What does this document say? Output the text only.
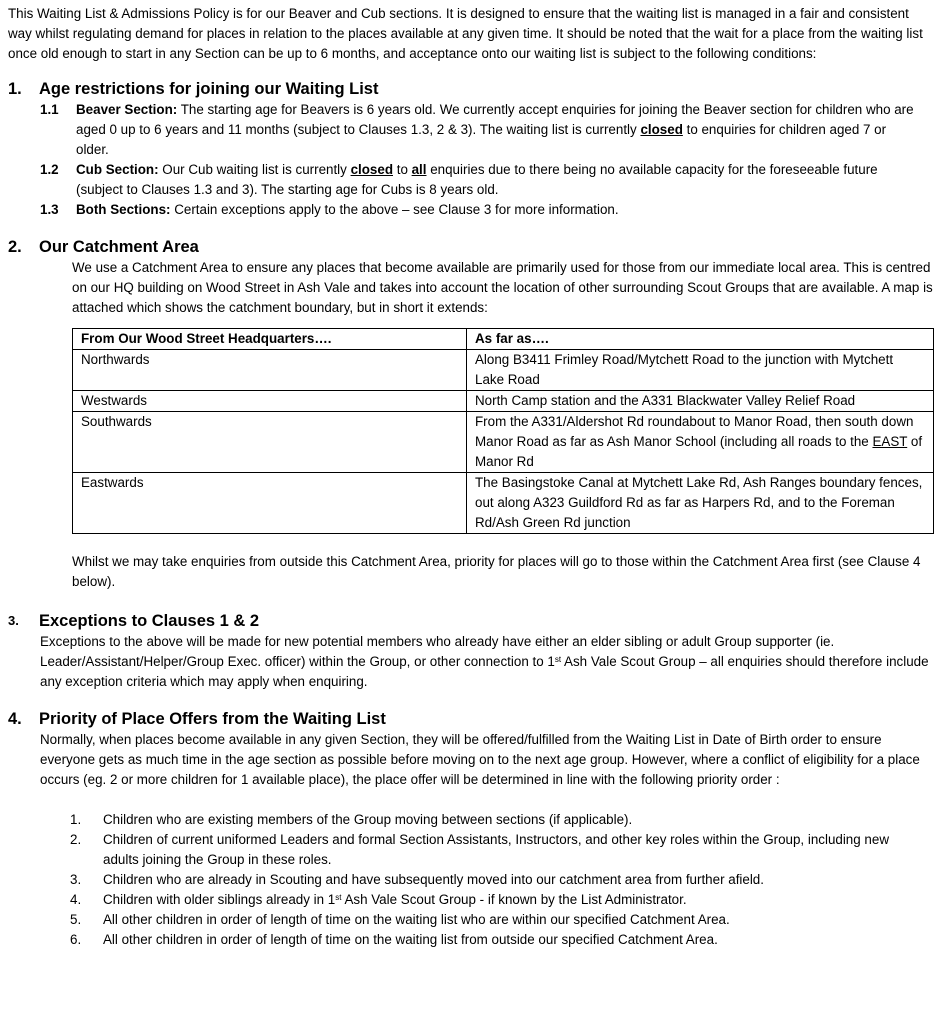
This Waiting List & Admissions Policy is for our Beaver and Cub sections. It is designed to ensure that the waiting list is managed in a fair and consistent way whilst regulating demand for places in relation to the places available at any given time. It should be noted that the wait for a place from the waiting list once old enough to start in any Section can be up to 6 months, and acceptance onto our waiting list is subject to the following conditions:

1.	Age restrictions for joining our Waiting List
1.1	Beaver Section: The starting age for Beavers is 6 years old. We currently accept enquiries for joining the Beaver section for children who are aged 0 up to 6 years and 11 months (subject to Clauses 1.3, 2 & 3). The waiting list is currently closed to enquiries for children aged 7 or older.
1.2	Cub Section: Our Cub waiting list is currently closed to all enquiries due to there being no available capacity for the foreseeable future (subject to Clauses 1.3 and 3). The starting age for Cubs is 8 years old.
1.3	Both Sections: Certain exceptions apply to the above – see Clause 3 for more information.
2.	Our Catchment Area

We use a Catchment Area to ensure any places that become available are primarily used for those from our immediate local area. This is centred on our HQ building on Wood Street in Ash Vale and takes into account the location of other surrounding Scout Groups that are available. A map is attached which shows the catchment boundary, but in short it extends:

From Our Wood Street Headquarters….	As far as….
Northwards	Along B3411 Frimley Road/Mytchett Road to the junction with Mytchett Lake Road
Westwards	North Camp station and the A331 Blackwater Valley Relief Road
Southwards	From the A331/Aldershot Rd roundabout to Manor Road, then south down Manor Road as far as Ash Manor School (including all roads to the EAST of Manor Rd
Eastwards	The Basingstoke Canal at Mytchett Lake Rd, Ash Ranges boundary fences, out along A323 Guildford Rd as far as Harpers Rd, and to the Foreman Rd/Ash Green Rd junction

Whilst we may take enquiries from outside this Catchment Area, priority for places will go to those within the Catchment Area first (see Clause 4 below).

3.	Exceptions to Clauses 1 & 2

Exceptions to the above will be made for new potential members who already have either an elder sibling or adult Group supporter (ie. Leader/Assistant/Helper/Group Exec. officer) within the Group, or other connection to 1st Ash Vale Scout Group – all enquiries should therefore include any exception criteria which may apply when enquiring.

4.	Priority of Place Offers from the Waiting List

Normally, when places become available in any given Section, they will be offered/fulfilled from the Waiting List in Date of Birth order to ensure everyone gets as much time in the age section as possible before moving on to the next age group. However, where a conflict of eligibility for a place occurs (eg. 2 or more children for 1 available place), the place offer will be determined in line with the following priority order :

1.	Children who are existing members of the Group moving between sections (if applicable).
2.	Children of current uniformed Leaders and formal Section Assistants, Instructors, and other key roles within the Group, including new adults joining the Group in these roles.
3.	Children who are already in Scouting and have subsequently moved into our catchment area from further afield.
4.	Children with older siblings already in 1st Ash Vale Scout Group - if known by the List Administrator.
5.	All other children in order of length of time on the waiting list who are within our specified Catchment Area.
6.	All other children in order of length of time on the waiting list from outside our specified Catchment Area.
